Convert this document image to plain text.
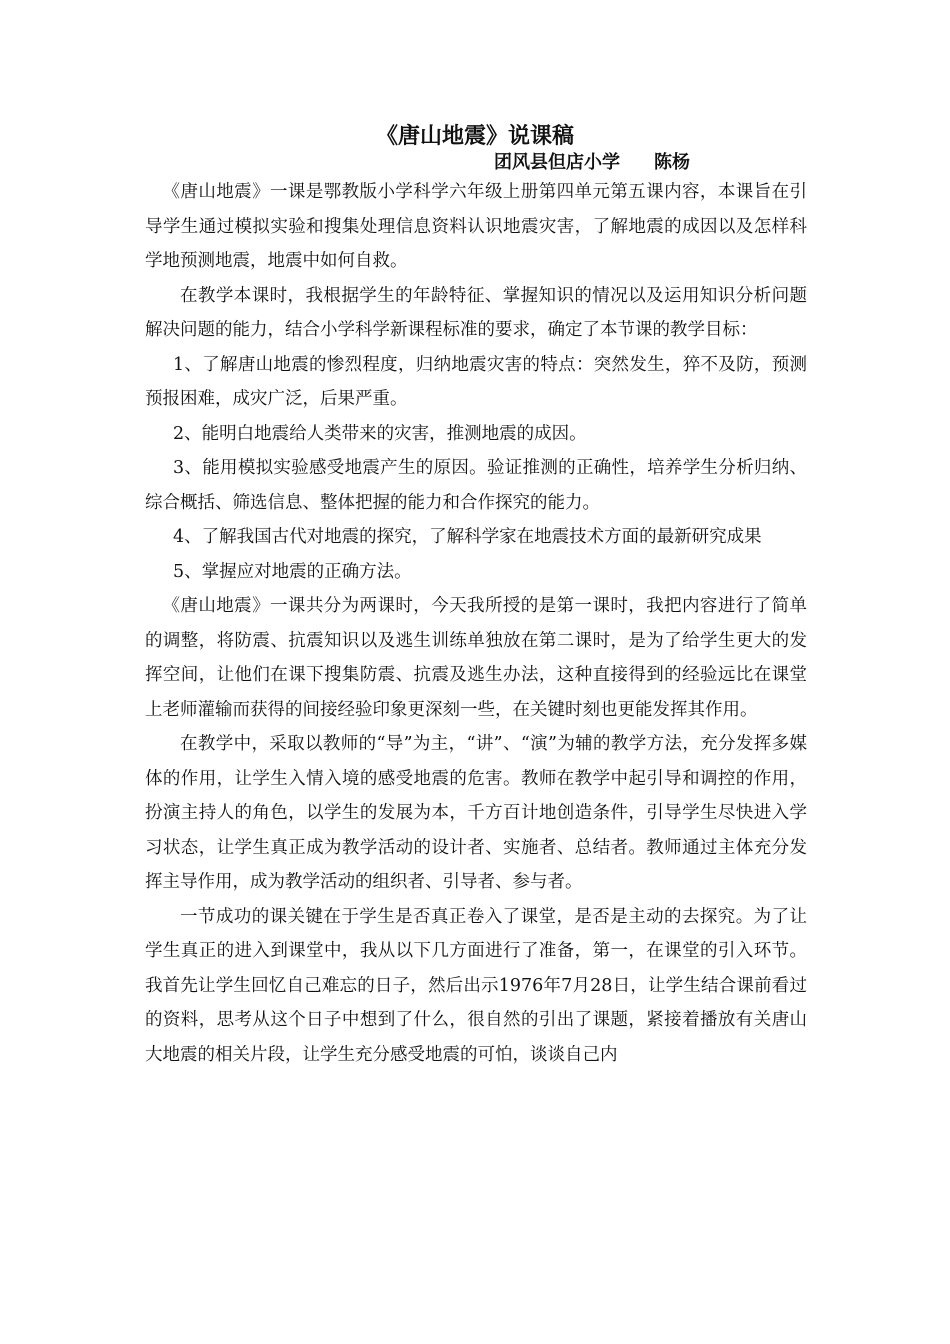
《唐山地震》说课稿
团风县但店小学 陈杨

《唐山地震》一课是鄂教版小学科学六年级上册第四单元第五课内容，本课旨在引导学生通过模拟实验和搜集处理信息资料认识地震灾害，了解地震的成因以及怎样科学地预测地震，地震中如何自救。

在教学本课时，我根据学生的年龄特征、掌握知识的情况以及运用知识分析问题解决问题的能力，结合小学科学新课程标准的要求，确定了本节课的教学目标：

1、了解唐山地震的惨烈程度，归纳地震灾害的特点：突然发生，猝不及防，预测预报困难，成灾广泛，后果严重。

2、能明白地震给人类带来的灾害，推测地震的成因。

3、能用模拟实验感受地震产生的原因。验证推测的正确性，培养学生分析归纳、综合概括、筛选信息、整体把握的能力和合作探究的能力。

4、了解我国古代对地震的探究，了解科学家在地震技术方面的最新研究成果

5、掌握应对地震的正确方法。

《唐山地震》一课共分为两课时，今天我所授的是第一课时，我把内容进行了简单的调整，将防震、抗震知识以及逃生训练单独放在第二课时，是为了给学生更大的发挥空间，让他们在课下搜集防震、抗震及逃生办法，这种直接得到的经验远比在课堂上老师灌输而获得的间接经验印象更深刻一些，在关键时刻也更能发挥其作用。

在教学中，采取以教师的“导”为主，“讲”、“演”为辅的教学方法，充分发挥多媒体的作用，让学生入情入境的感受地震的危害。教师在教学中起引导和调控的作用，扮演主持人的角色，以学生的发展为本，千方百计地创造条件，引导学生尽快进入学习状态，让学生真正成为教学活动的设计者、实施者、总结者。教师通过主体充分发挥主导作用，成为教学活动的组织者、引导者、参与者。

一节成功的课关键在于学生是否真正卷入了课堂，是否是主动的去探究。为了让学生真正的进入到课堂中，我从以下几方面进行了准备，第一，在课堂的引入环节。我首先让学生回忆自己难忘的日子，然后出示1976年7月28日，让学生结合课前看过的资料，思考从这个日子中想到了什么，很自然的引出了课题，紧接着播放有关唐山大地震的相关片段，让学生充分感受地震的可怕，谈谈自己内
